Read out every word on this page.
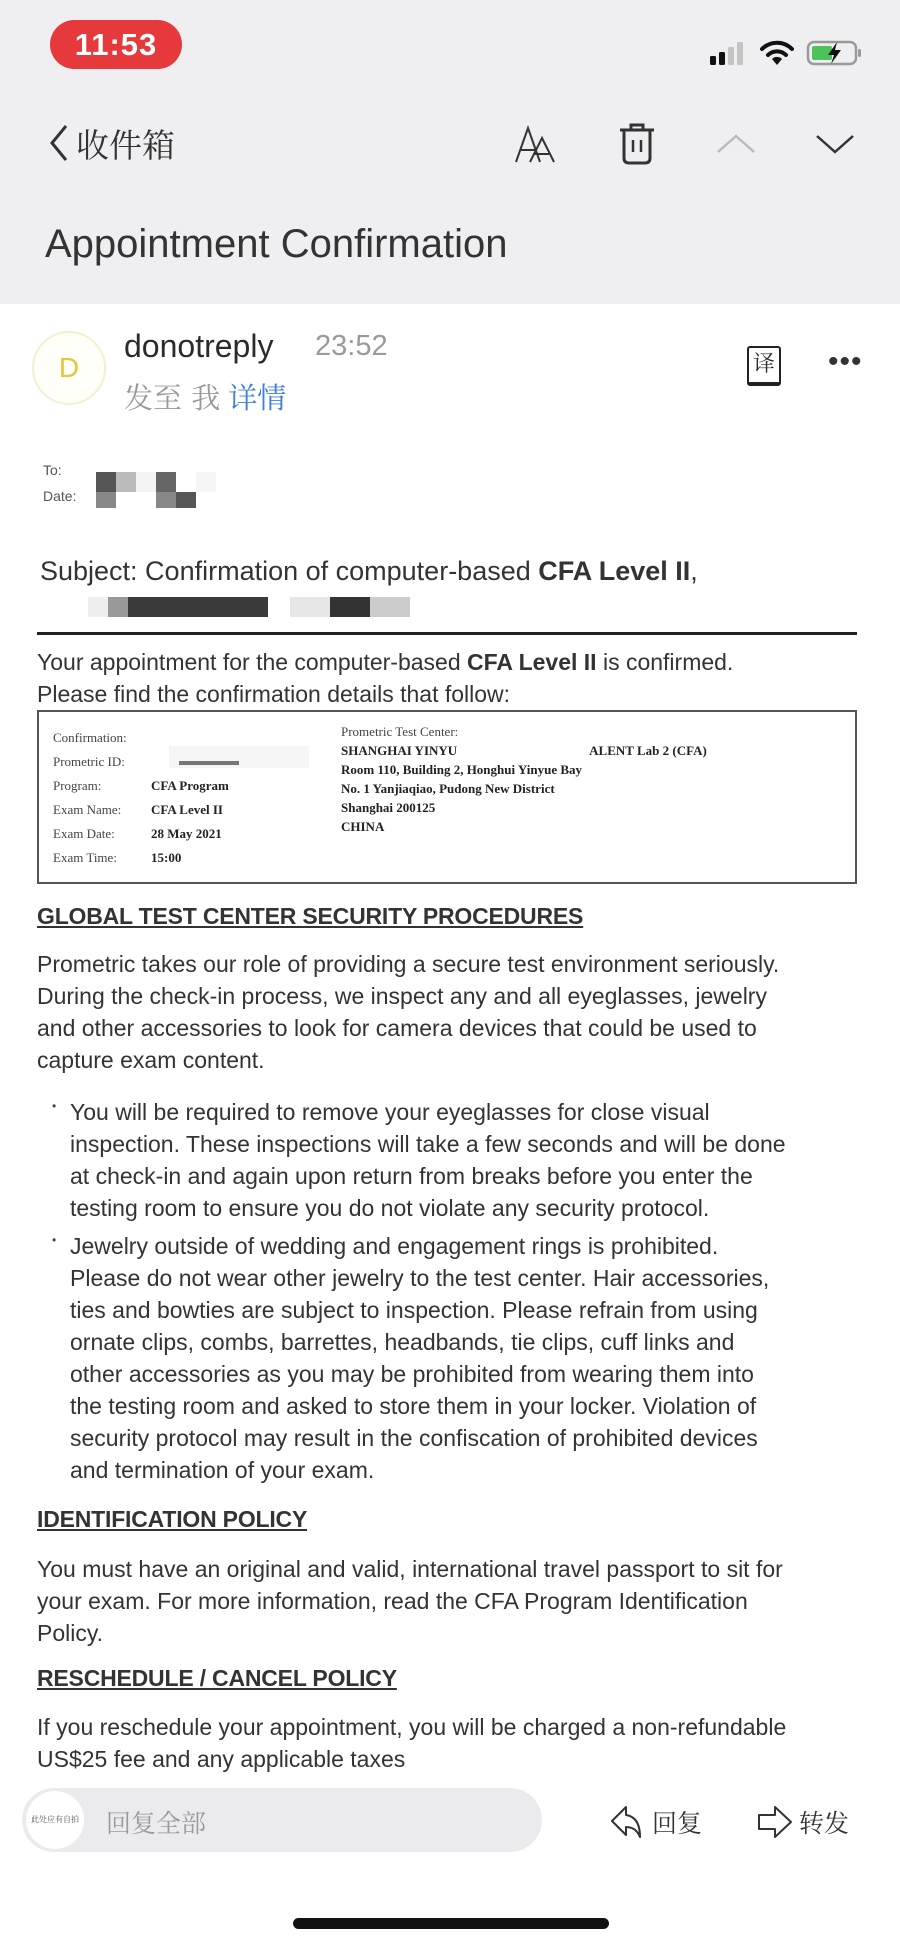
11:53
收件箱
Appointment Confirmation
D
donotreply 23:52
发至 我 详情
译 •••
To:
Date:
Subject: Confirmation of computer-based CFA Level II,
Your appointment for the computer-based CFA Level II is confirmed.
Please find the confirmation details that follow:
Confirmation:
Prometric ID:
Program:	CFA Program
Exam Name: CFA Level II
Exam Date:	28 May 2021
Exam Time:	15:00
Prometric Test Center:
SHANGHAI YINYU	ALENT Lab 2 (CFA)
Room 110, Building 2, Honghui Yinyue Bay
No. 1 Yanjiaqiao, Pudong New District
Shanghai 200125
CHINA
GLOBAL TEST CENTER SECURITY PROCEDURES
Prometric takes our role of providing a secure test environment seriously.
During the check-in process, we inspect any and all eyeglasses, jewelry
and other accessories to look for camera devices that could be used to
capture exam content.
• You will be required to remove your eyeglasses for close visual
inspection. These inspections will take a few seconds and will be done
at check-in and again upon return from breaks before you enter the
testing room to ensure you do not violate any security protocol.
• Jewelry outside of wedding and engagement rings is prohibited.
Please do not wear other jewelry to the test center. Hair accessories,
ties and bowties are subject to inspection. Please refrain from using
ornate clips, combs, barrettes, headbands, tie clips, cuff links and
other accessories as you may be prohibited from wearing them into
the testing room and asked to store them in your locker. Violation of
security protocol may result in the confiscation of prohibited devices
and termination of your exam.
IDENTIFICATION POLICY
You must have an original and valid, international travel passport to sit for
your exam. For more information, read the CFA Program Identification
Policy.
RESCHEDULE / CANCEL POLICY
If you reschedule your appointment, you will be charged a non-refundable
US$25 fee and any applicable taxes
此处应有自拍 回复全部	回复	转发
